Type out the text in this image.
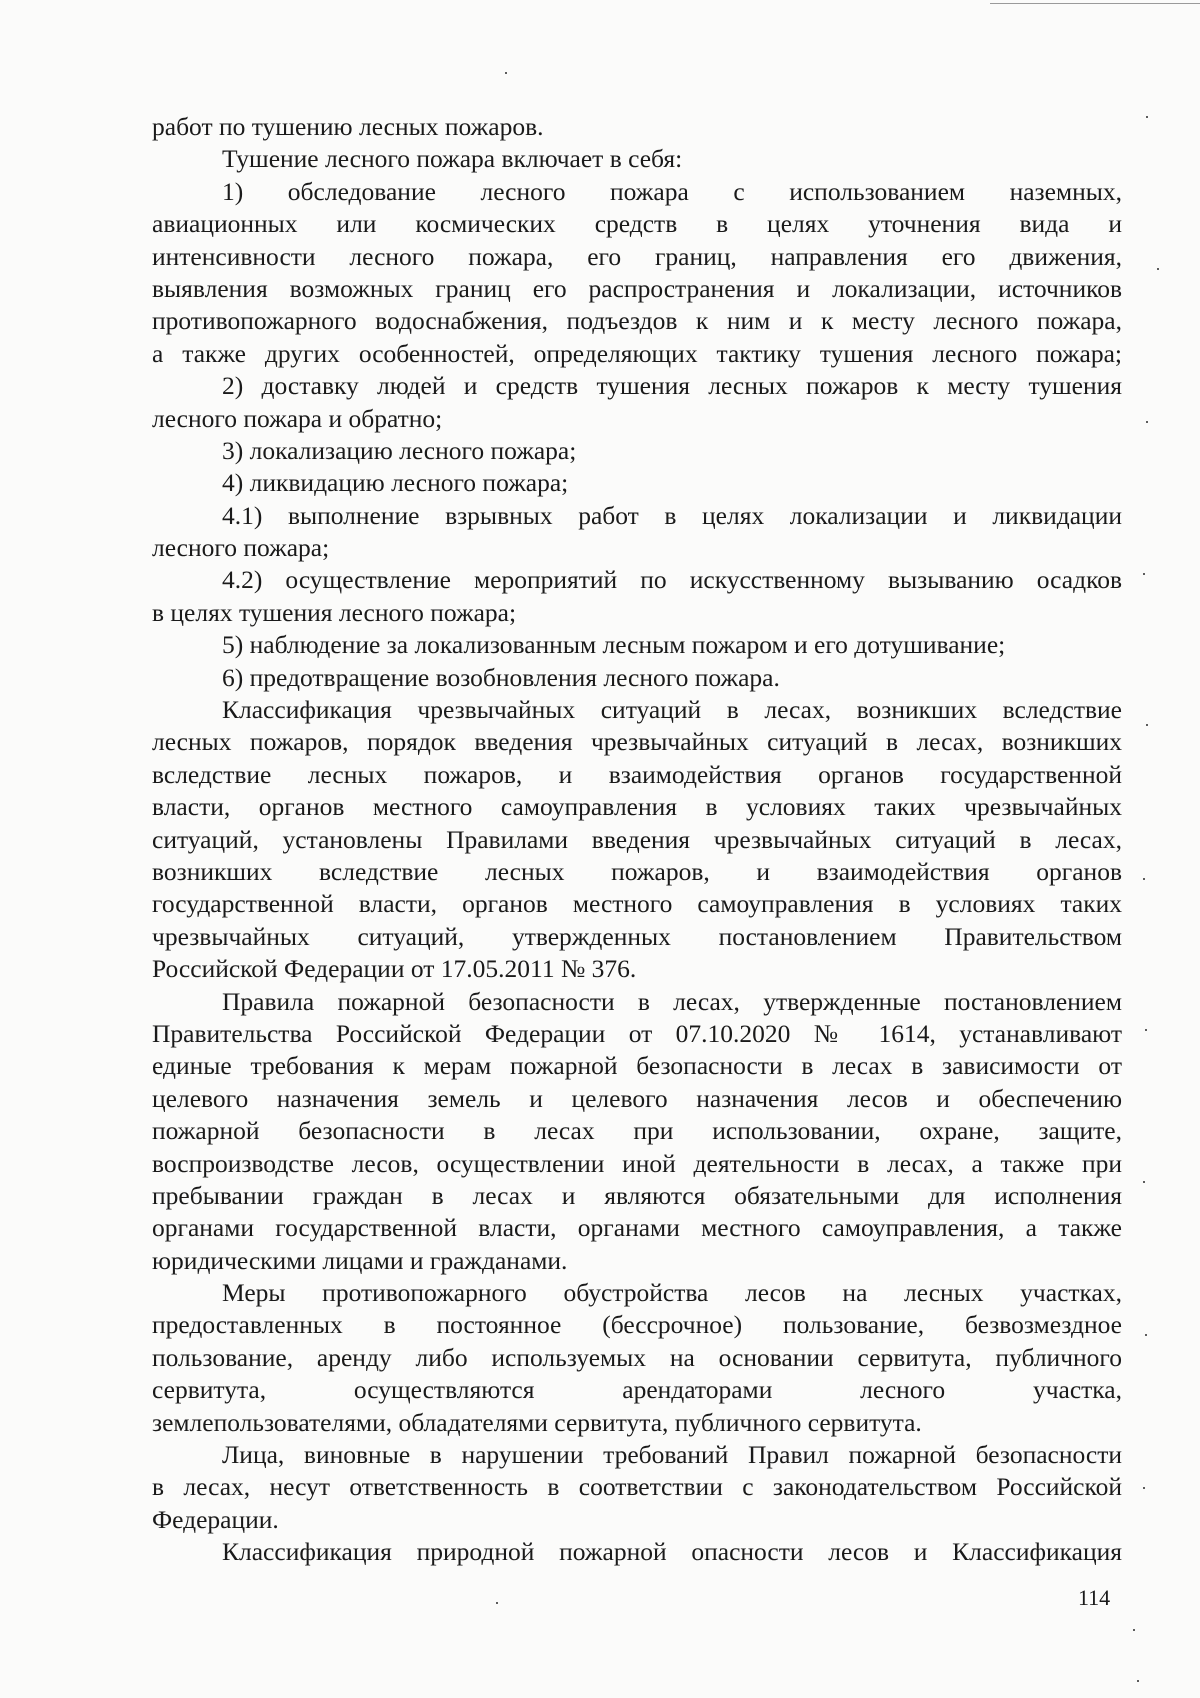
работ по тушению лесных пожаров.
Тушение лесного пожара включает в себя:
1) обследование лесного пожара с использованием наземных,
авиационных или космических средств в целях уточнения вида и
интенсивности лесного пожара, его границ, направления его движения,
выявления возможных границ его распространения и локализации, источников
противопожарного водоснабжения, подъездов к ним и к месту лесного пожара,
а также других особенностей, определяющих тактику тушения лесного пожара;
2) доставку людей и средств тушения лесных пожаров к месту тушения
лесного пожара и обратно;
3) локализацию лесного пожара;
4) ликвидацию лесного пожара;
4.1) выполнение взрывных работ в целях локализации и ликвидации
лесного пожара;
4.2) осуществление мероприятий по искусственному вызыванию осадков
в целях тушения лесного пожара;
5) наблюдение за локализованным лесным пожаром и его дотушивание;
6) предотвращение возобновления лесного пожара.
Классификация чрезвычайных ситуаций в лесах, возникших вследствие
лесных пожаров, порядок введения чрезвычайных ситуаций в лесах, возникших
вследствие лесных пожаров, и взаимодействия органов государственной
власти, органов местного самоуправления в условиях таких чрезвычайных
ситуаций, установлены Правилами введения чрезвычайных ситуаций в лесах,
возникших вследствие лесных пожаров, и взаимодействия органов
государственной власти, органов местного самоуправления в условиях таких
чрезвычайных ситуаций, утвержденных постановлением Правительством
Российской Федерации от 17.05.2011 № 376.
Правила пожарной безопасности в лесах, утвержденные постановлением
Правительства Российской Федерации от 07.10.2020 № 1614, устанавливают
единые требования к мерам пожарной безопасности в лесах в зависимости от
целевого назначения земель и целевого назначения лесов и обеспечению
пожарной безопасности в лесах при использовании, охране, защите,
воспроизводстве лесов, осуществлении иной деятельности в лесах, а также при
пребывании граждан в лесах и являются обязательными для исполнения
органами государственной власти, органами местного самоуправления, а также
юридическими лицами и гражданами.
Меры противопожарного обустройства лесов на лесных участках,
предоставленных в постоянное (бессрочное) пользование, безвозмездное
пользование, аренду либо используемых на основании сервитута, публичного
сервитута, осуществляются арендаторами лесного участка,
землепользователями, обладателями сервитута, публичного сервитута.
Лица, виновные в нарушении требований Правил пожарной безопасности
в лесах, несут ответственность в соответствии с законодательством Российской
Федерации.
Классификация природной пожарной опасности лесов и Классификация
114
